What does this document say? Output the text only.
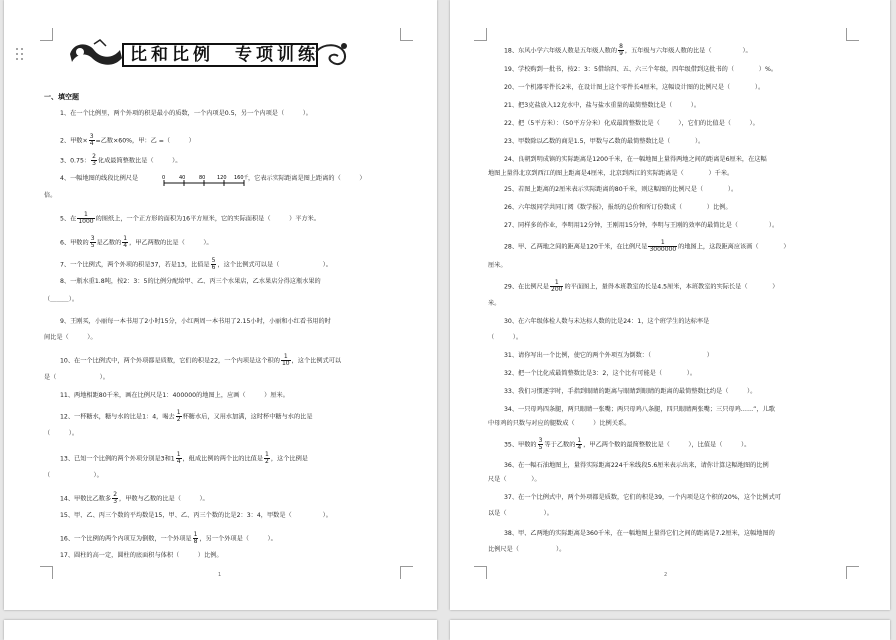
比和比例　专项训练
一、填空题
1、在一个比例里，两个外项的积是最小的质数，一个内项是0.5，另一个内项是（　　　）。
2、甲数× $\frac{3}{4}$ =乙数×60%，甲：乙 =（　　　）
3、0.75： $\frac{2}{3}$ 化成最简整数比是（　　　）。
4、一幅地图的线段比例尺是	0	40	80 120 160千 ，它表示实际距离是图上距离的（　　　）
倍。
5、在 $\frac{1}{1000}$ 的图纸上，一个正方形的面积为16平方厘米，它的实际面积是（　　　）平方米。
6、甲数的 $\frac{3}{5}$ 是乙数的 $\frac{1}{4}$ ，甲乙两数的比是（　　　）。
7、一个比例式，两个外项的积是37，若是13，比值是 $\frac{5}{6}$ ，这个比例式可以是（　　　　　　　）。
8、一瓶水重1.8吨，按2：3：5的比例分配给甲、乙、丙三个水果店，乙水果店分得这瓶水果的
（＿＿＿）。
9、王刚买，小丽每一本书用了2小时15分，小红两周一本书用了2.15小时，小丽和小红看书用的时
间比是（　　　）。
10、在一个比例式中，两个外项都是质数，它们的积是22，一个内项是这个积的 $\frac{1}{10}$ ，这个比例式可以
是（　　　　　　　）。
11、两地相距80千米，画在比例尺是1：400000的地图上，应画（　　　）厘米。
12、一杯糖水，糖与水的比是1：4，喝去 $\frac{1}{2}$ 杯糖水后，又用水加满，这时杯中糖与水的比是
（　　　）。
13、已知一个比例的两个外项分别是3和$1 \frac{1}{4}$ ，组成比例的两个比的比值是 $\frac{1}{2}$ ，这个比例是
（　　　　　　　）。
14、甲数比乙数多 $\frac{2}{3}$ ，甲数与乙数的比是（　　　）。
15、甲、乙、丙三个数的平均数是15，甲、乙、丙三个数的比是2：3：4，甲数是（　　　　　）。
16、一个比例的两个内项互为倒数，一个外项是 $\frac{1}{8}$ ，另一个外项是（　　　）。
17、圆柱的高一定，圆柱的底面积与体积（　　　）比例。
1
18、东风小学六年级人数是五年级人数的 $\frac{8}{9}$ ，五年级与六年级人数的比是（　　　　　）。
19、学校购到一批书，按2：3：5借给四、五、六三个年级，四年级借到这批书的（　　　　）%。
20、一个机器零件长2米，在设计图上这个零件长4厘米，这幅设计图的比例尺是（　　　　）。
21、把3克盐放入12克水中，盐与盐水重量的最简整数比是（　　　）。
22、把（5平方米）：（50平方分米）化成最简整数比是（　　　），它们的比值是（　　　）。
23、甲数除以乙数的商是1.5，甲数与乙数的最简整数比是（　　　　）。
24、良朝到明成镇的实际距离是1200千米，在一幅地图上量得两地之间的距离是6厘米，在这幅
地图上量得北京到西江的图上距离是4厘米，北京到西江的实际距离是（　　　　）千米。
25、若图上距离的2厘米表示实际距离的80千米，则这幅图的比例尺是（　　　　）。
26、六年级同学共同订阅《数学报》，报纸的总价和所订份数成（　　　　）比例。
27、同样多的作业，李明用12分钟，王刚用15分钟，李明与王刚的效率的最简比是（　　　　　）。
28、甲、乙两地之间的距离是120千米，在比例尺是 $\frac{1}{3000000}$ 的地图上，这段距离应该画（　　　　）
厘米。
29、在比例尺是 $\frac{1}{200}$ 的平面图上，量得本班教室的长是4.5厘米，本班教室的实际长是（　　　　）
米。
30、在六年级体检人数与未达标人数的比是24：1，这个班学生的达标率是
（　　　）。
31、请你写出一个比例，使它的两个外项互为倒数：（　　　　　　　　　）
32、把一个比化成最简整数比是3：2，这个比有可能是（　　　　）。
33、我们习惯逐字时，手指到眼睛的距离与眼睛到眼睛的距离的最简整数比约是（　　　）。
34、一只母鸡四条腿，两只眼睛一张嘴；两只母鸡八条腿，四只眼睛两张嘴；三只母鸡……”，儿歌
中母鸡的只数与对应的腿数成（　　　）比例关系。
35、甲数的 $\frac{3}{5}$ 等于乙数的 $\frac{1}{4}$ ，甲乙两个数的最简整数比是（　　　），比值是（　　　）。
36、在一幅石油地图上，量得实际距离224千米线段5.6厘米表示出来，请你计算这幅地图的比例
尺是（　　　　）。
37、在一个比例式中，两个外项都是质数，它们的积是39，一个内项是这个积的20%，这个比例式可
以是（　　　　　　）。
38、甲、乙两地的实际距离是360千米，在一幅地图上量得它们之间的距离是7.2厘米，这幅地图的
比例尺是（　　　　　　）。
2
